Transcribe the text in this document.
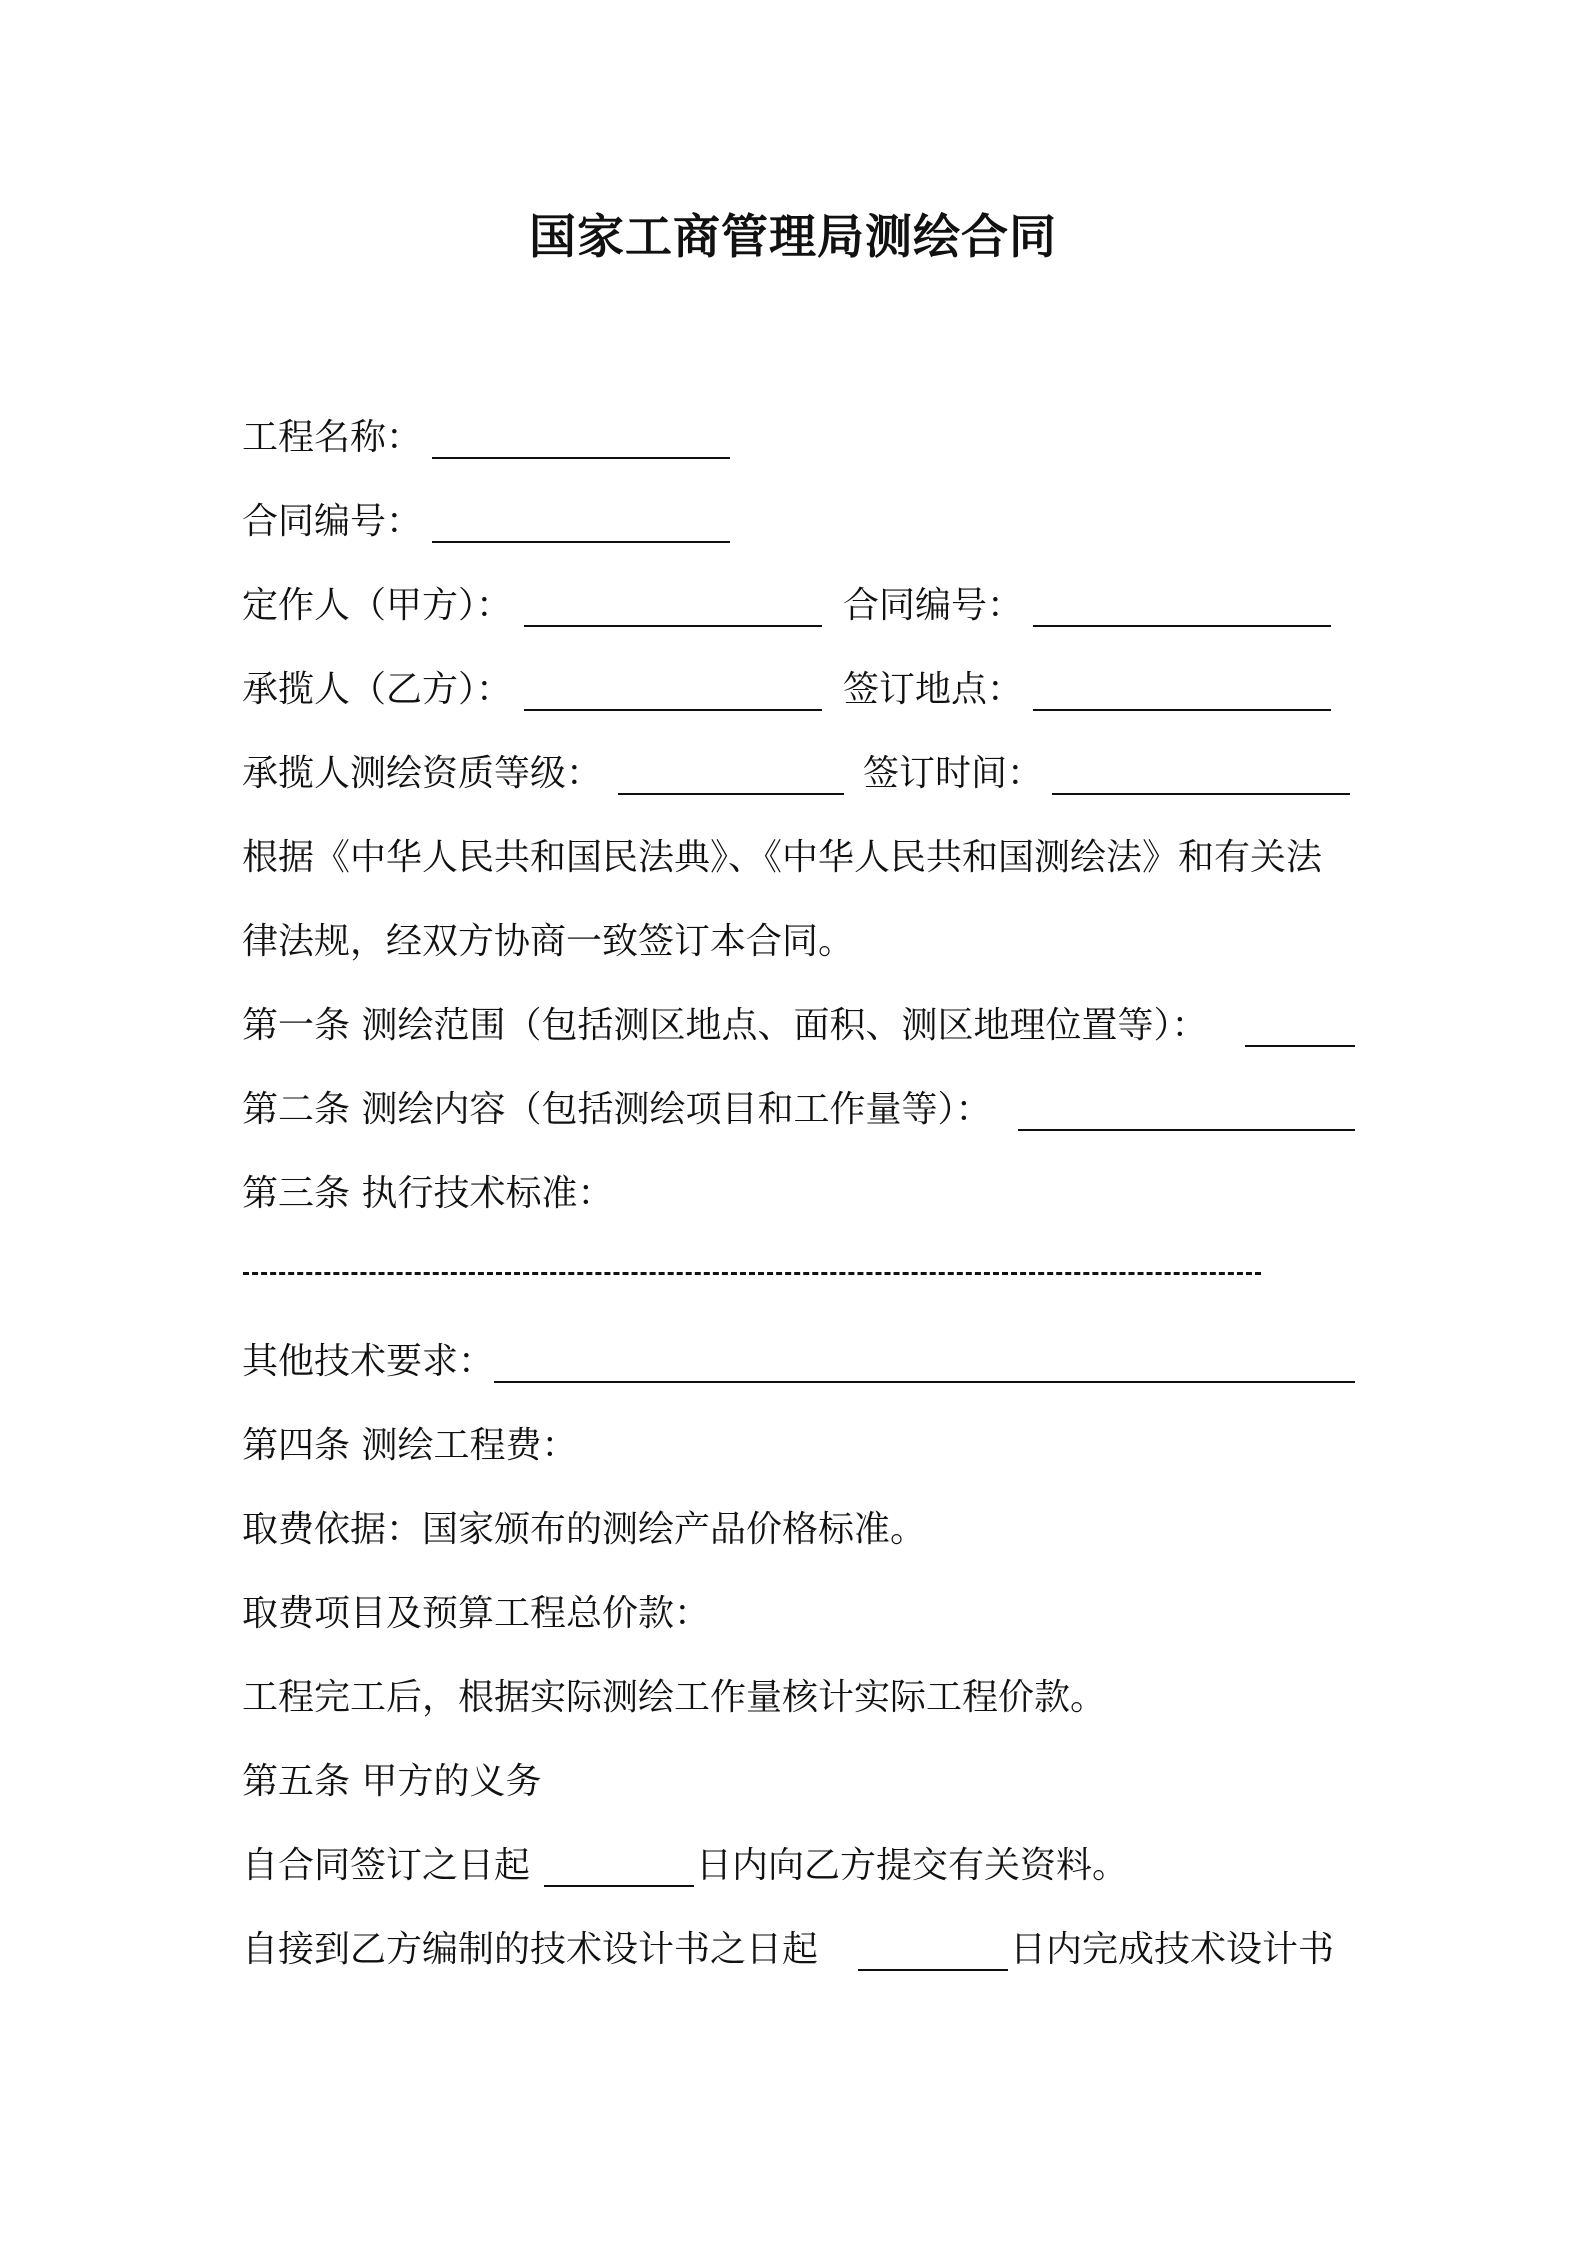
国家工商管理局测绘合同
工程名称：
合同编号：
定作人（甲方）：	合同编号：
承揽人（乙方）：	签订地点：
承揽人测绘资质等级：	签订时间：
根据《中华人民共和国民法典》、《中华人民共和国测绘法》和有关法
律法规，经双方协商一致签订本合同。
第一条 测绘范围（包括测区地点、面积、测区地理位置等）：
第二条 测绘内容（包括测绘项目和工作量等）：
第三条 执行技术标准：
其他技术要求：
第四条 测绘工程费：
取费依据：国家颁布的测绘产品价格标准。
取费项目及预算工程总价款：
工程完工后，根据实际测绘工作量核计实际工程价款。
第五条 甲方的义务
自合同签订之日起	日内向乙方提交有关资料。
自接到乙方编制的技术设计书之日起	日内完成技术设计书
